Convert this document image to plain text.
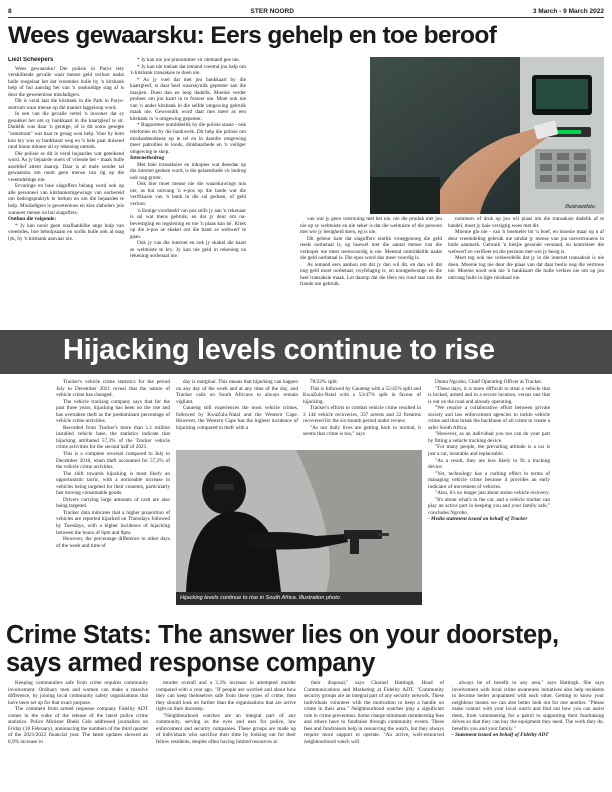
8	STER NOORD	3 March - 9 March 2022
Wees gewaarsku: Eers gehelp en toe beroof

Liezl Scheepers

Wees gewaarsku! Die polisie in Parys lety verskillende gevalle waar mense geld verloor nadat hulle toegelaat het dat vreemdes hulle by 'n kitsbank help of hul aanslag het van 'n onskuldige slag af is deur die gewetenlose misdadigers.

Dit is veral laat die kitsbank in die Park in Parys-sentrum waar mense op dié manier laggeloop word.

In een van die gevalle vertel 'n inwoner dat sy gesukkel het om sy bankkaart in die kaartgleuf te sit. Dadelik was daar 'n gentige, of is dit soms gesegte "sametrant" wat haar te gesag wou help. Voor hy hom kon kry was sy bankkaart weg en 'n hele paar duisend rand binne minute uit sy rekening onttrek.

Die polisie se dit is veral bejaardes wat geteikend word. As jy bejaarde ouers of vriende het - maak hulle asseblief attent daarop. Daar is al male sonder tal gewaarsku om nooit geen mense van rig op die vreemdelinge nie.

Ervaringe en baie slagoffers belang word ook op alle personeel van kitsbankomgewings van oorbereid om bedrogspraktyk te herken en om die bejaardes te help. Misdadigers is gewetenloos en kies slaholers juis wanneer mense na hul slagoffers.

Onthou die volgende:

* Jy kan nooit geen onafhanklike angs hulp van vreemdes, hoe behulpsaam en sorlik hulle ook al mag lyk, by 'n kitsbank aanvaar nie.

* Jy kan nie jou pinnommer vir niemand gee nie.

* Jy kan nie toelaat dat iemand vreemd jou help om 'n kitsbank transaksie te doen nie.

* As jy voel dat met jou bankkaart by die kaartgleuf, is daar heel waarskynlik gepeuter aan die masjien. Doen dan en loop dadelik. Moenie verder probeer om jou kaart in te forseer nie. Moet ook nie van 'n ander kitsbank in die selfde omgewing gebruik maak nie. Gewoonlik word daar met meer as een kitsbank in 'n omgewing gepeuter.

* Rapporteer onmiddellik by die polisie stasie - ook telefonies en by die bankwerk. Dit help die polisie om misdaadtendense op te tel en in daardie omgewing meer patrollies te loods, dinkbaarhede en 'n veiliger omgewing te skep.

Internetbedrog

Met baie transaksies en inkopies wat deesdae op die internet gedoen word, is die gelaenthede vir bedrog ook nog groter.

Ook hier moet mense nie die waarskuwings mis nie, as hul ontvang 'n e-pos op die lande wat die verifikasie van 'n bank in die sal gedoen, of geld verloor.

'n Eenige voorbeeld van pos selfs jy aan 'n rekenaar is sal wat mens gebruik, en dat jy deur om na-bevestiging en regsiening en toe 'n plaas kan hê. Kliek op die e-pos se skakel om die bank se webwerf te gaan.

Ook jy van die internet en ook jy skakel die kaart se webtuiste te kry. Jy kan nie geld in rekening na rekening oorbetaal nie.

Illustrasiefoto.

van wat jy geen vertrouing met het nie, nie die produk met jou nie op sy webtuiste en nie seker is dat die webtuiste of die persoon met wie jy besigheid doen, eg is nie.

Dit gebeur baie dat slagoffers eintlik vroeggenoeg die geld reeds oorbetaal is, eg hoewel met die aantal mense van die verkoper nie meer teenwoordig is nie. Meestal onmiddellik nadat die geld oorbetaal is. Die epos word dus meer voordig is.

As iemand eers aanhou om dat jy dan wil dit, en dan wil dat nog geld moet oorbetaal, twyfelagtig is, en nootgedwonge en die heel transaksie maak. Let daarop dat die lêers nie rond laat van die fraude om gebruik.

nommers of druk op jou wil plaas om die transaksie dadelik af te handel, moet jy baie versigtig wees met dit.

Moenie glo nie - van 'n boemeler tot 'n boef, en moenie maar op u af deur vreemdeling gebruik nie omdat jy mense van jou toevertrouens in hulle aanmerk. Gebruik 'n bietjie gesonde verstand, en kontroleer die webwerf en verifieer en die persoon met wie jy besig is.

Moet tog ook nie verkeerdelik dat jy in die internet transaksie is nie doen. Moenie tog nie deur die plaas van dat daar beslis nog die vertroue nie. Moenie nooit ook nie 'n bankkaart die hulle verkies nie om op jou ontvang hulle in ligte misdaad nie.

Hijacking levels continue to rise

Tracker's vehicle crime statistics for the period July to December 2021 reveal that the nature of vehicle crime has changed.

The vehicle tracking company says that for the past three years, hijacking has been on the rise and has overtaken theft as the predominant percentage of vehicle crime activities.

Recorded from Tracker's more than 1.1 million installed vehicle base, the statistics indicate that hijacking attributed 57,3% of the Tracker vehicle crime activities for the second half of 2021.

This is a complete reversal compared to July to December 2018, when theft accounted for 57,2% of the vehicle crime activities.

The shift towards hijacking is most likely an opportunistic tactic, with a noticeable increase in vehicles being targeted for their contents, particularly fast moving consumable goods.

Drivers carrying large amounts of cash are also being targeted.

Tracker data indicates that a higher proportion of vehicles are reported hijacked on Thursdays followed by Tuesdays, with a higher incidence of hijacking between the hours of 6pm and 8pm.

However, the percentage difference to other days of the week and time of

day is marginal. This means that hijacking can happen on any day of the week and at any time of the day, and Tracker calls on South Africans to always remain vigilant.

Gauteng still experiences the most vehicle crimes, followed by KwaZulu-Natal and the Western Cape. However, the Western Cape has the highest incidence of hijacking compared to theft with a

78/22% split.

This is followed by Gauteng with a 55/45% split and KwaZulu-Natal with a 53/47% split in favour of hijacking.

Tracker's efforts to combat vehicle crime resulted in 3 144 vehicle recoveries, 337 arrests and 22 firearms recovered for the six-month period under review.

"As our daily lives are getting back to normal, it seems that crime is too," says

Duma Ngcobo, Chief Operating Officer at Tracker.

"These days, it is more difficult to steal a vehicle that is locked, armed and in a secure location, versus one that is out on the road and already operating.

"We require a collaborative effort between private society and law enforcement agencies to tackle vehicle crime and thus break the backbone of all crime to create a safer South Africa.

"However, as an individual you too can do your part by fitting a vehicle tracking device.

"For many people, the prevailing attitude is a car is just a car, insurable and replaceable.

"As a result, they are less likely to fit a tracking device.

"Yet, technology has a curbing effect in terms of managing vehicle crime because it provides an early indicator of movement of vehicles.

"Also, it's no longer just about stolen vehicle recovery.

"It's about what's in the car, and a vehicle tracker can play an active part in keeping you and your family safe," concludes Ngcobo.

- Media statement issued on behalf of Tracker

Hijacking levels continue to rise in South Africa. Illustration photo
Crime Stats: The answer lies on your doorstep, says armed response company

Keeping communities safe from crime requires community involvement. Ordinary men and women can make a massive difference, by joining local community safety organisations that have been set up for that exact purpose.

The comment from armed response company Fidelity ADT comes in the wake of the release of the latest police crime statistics. Police Minister Bheki Cele addressed journalists on Friday (18 February), announcing the numbers of the third quarter of the 2021/2022 financial year. The latest updates showed an 8,9% increase in

murder overall and a 3,3% increase in attempted murder compared with a year ago. "If people are worried and about how they can keep themselves safe from these types of crime, then they should look no further than the organisations that are active right on their doorstep.

"Neighbourhood watches are an integral part of any community, serving as the eyes and ears for police, law enforcement and security companies. These groups are made up of individuals who sacrifice their time by looking out for their fellow residents, despite often having limited resources at

their disposal," says Charnel Hattingh, Head of Communications and Marketing at Fidelity ADT. "Community security groups are an integral part of any security network. These individuals volunteer with the motivation to keep a handle on crime in their area." Neighbourhood watches play a significant role in crime prevention. Some charge minimum membership fees and others have to fundraise through community events. These fees and fundraisers help in resourcing the watch, but they always require more support to operate. "An active, well-resourced neighbourhood watch will

always be of benefit to any area," says Hattingh. She says involvement with local crime awareness initiatives also help residents to become better acquainted with each other. Getting to know your neighbour means we can also better look out for one another. "Please make contact with your local watch and find out how you can assist them, from volunteering for a patrol to supporting their fundraising drives so that they can buy the equipment they need. The work they do, benefits you and your family."

- Statement issued on behalf of Fidelity ADT
